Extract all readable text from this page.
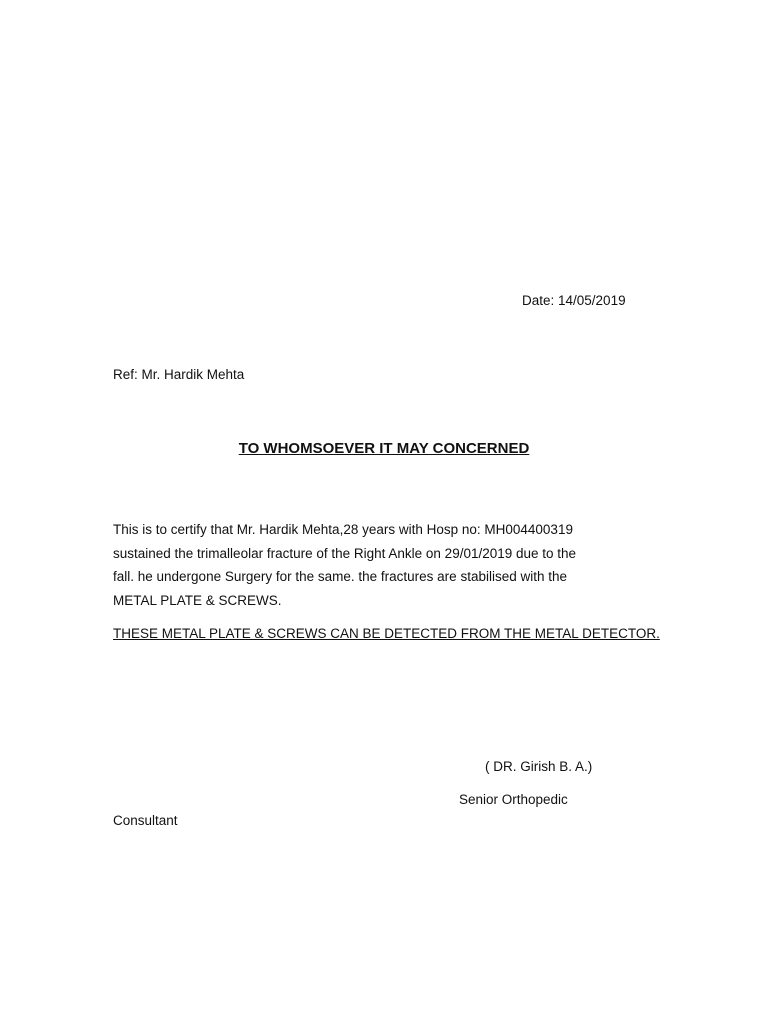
Date: 14/05/2019
Ref: Mr. Hardik Mehta
TO WHOMSOEVER IT MAY CONCERNED

This is to certify that Mr. Hardik Mehta,28 years with Hosp no: MH004400319

sustained the trimalleolar fracture of the Right Ankle on 29/01/2019 due to the

fall. he undergone Surgery for the same. the fractures are stabilised with the

METAL PLATE & SCREWS.

THESE METAL PLATE & SCREWS CAN BE DETECTED FROM THE METAL DETECTOR.
( DR. Girish B. A.)
Senior Orthopedic
Consultant
